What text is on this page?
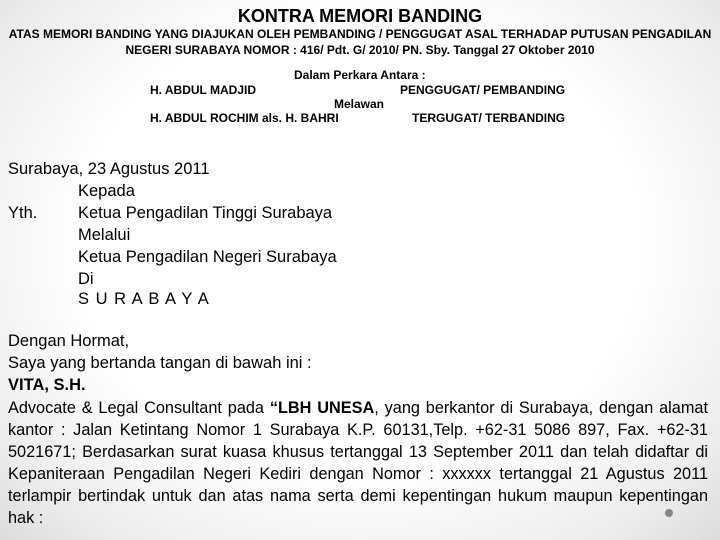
KONTRA MEMORI BANDING
ATAS MEMORI BANDING YANG DIAJUKAN OLEH PEMBANDING / PENGGUGAT ASAL TERHADAP PUTUSAN PENGADILAN
NEGERI SURABAYA NOMOR : 416/ Pdt. G/ 2010/ PN. Sby. Tanggal 27 Oktober 2010
Dalam Perkara Antara :
H. ABDUL MADJID	PENGGUGAT/ PEMBANDING
Melawan
H. ABDUL ROCHIM als. H. BAHRI	TERGUGAT/ TERBANDING
Surabaya, 23 Agustus 2011
Kepada
Yth. Ketua Pengadilan Tinggi Surabaya
Melalui
Ketua Pengadilan Negeri Surabaya
Di
S U R A B A Y A
Dengan Hormat,
Saya yang bertanda tangan di bawah ini :
VITA, S.H.
Advocate & Legal Consultant pada “LBH UNESA, yang berkantor di Surabaya, dengan alamat kantor : Jalan Ketintang Nomor 1 Surabaya K.P. 60131,Telp. +62-31 5086 897, Fax. +62-31 5021671; Berdasarkan surat kuasa khusus tertanggal 13 September 2011 dan telah didaftar di Kepaniteraan Pengadilan Negeri Kediri dengan Nomor : xxxxxx tertanggal 21 Agustus 2011 terlampir bertindak untuk dan atas nama serta demi kepentingan hukum maupun kepentingan hak :
